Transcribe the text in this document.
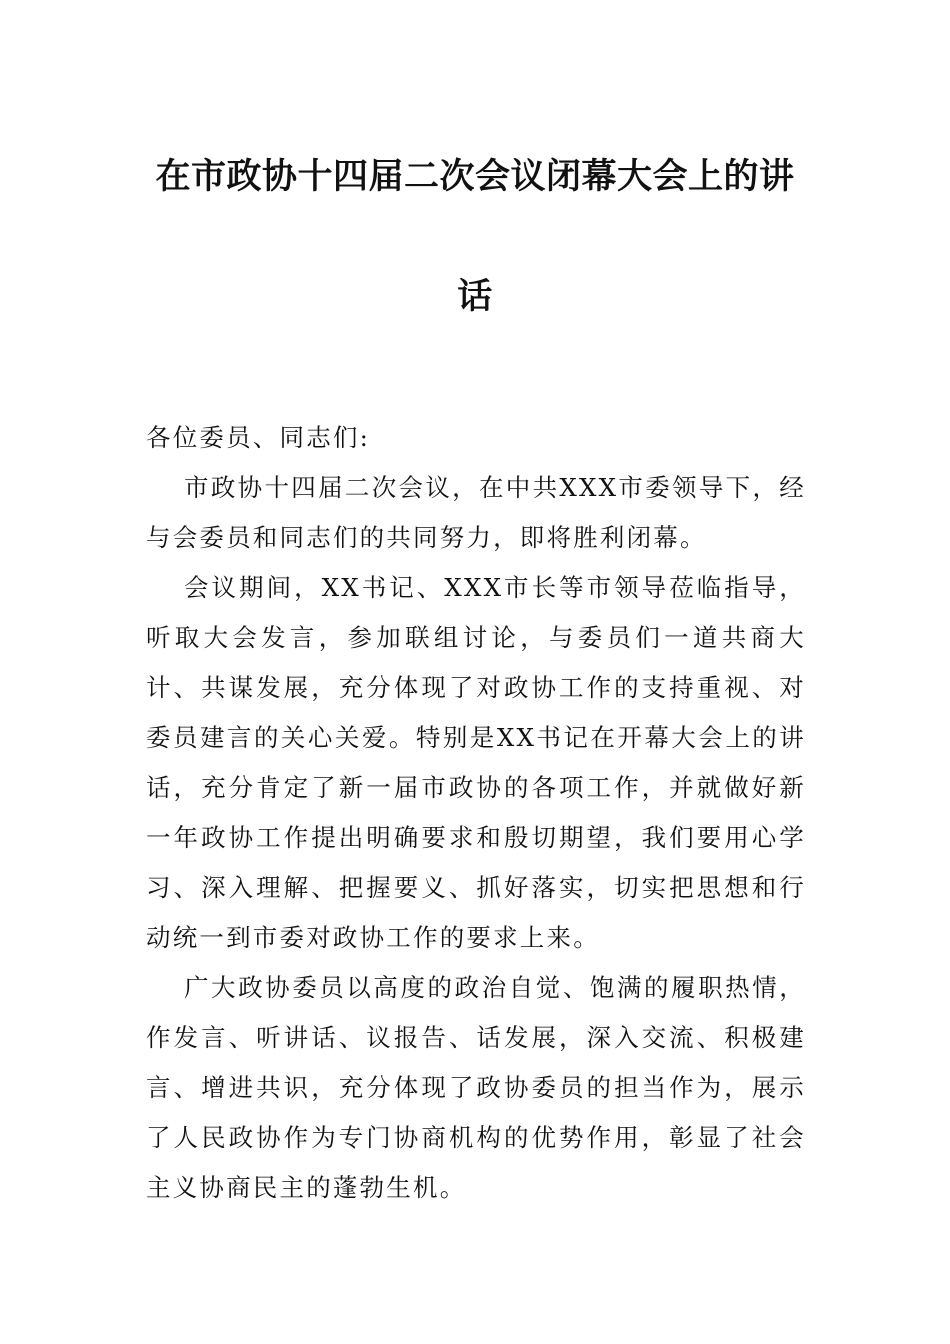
在市政协十四届二次会议闭幕大会上的讲
话

各位委员、同志们:

市政协十四届二次会议，在中共XXX市委领导下，经与会委员和同志们的共同努力，即将胜利闭幕。

会议期间，XX书记、XXX市长等市领导莅临指导，听取大会发言，参加联组讨论，与委员们一道共商大计、共谋发展，充分体现了对政协工作的支持重视、对委员建言的关心关爱。特别是XX书记在开幕大会上的讲话，充分肯定了新一届市政协的各项工作，并就做好新一年政协工作提出明确要求和殷切期望，我们要用心学习、深入理解、把握要义、抓好落实，切实把思想和行动统一到市委对政协工作的要求上来。

广大政协委员以高度的政治自觉、饱满的履职热情，作发言、听讲话、议报告、话发展，深入交流、积极建言、增进共识，充分体现了政协委员的担当作为，展示了人民政协作为专门协商机构的优势作用，彰显了社会主义协商民主的蓬勃生机。
